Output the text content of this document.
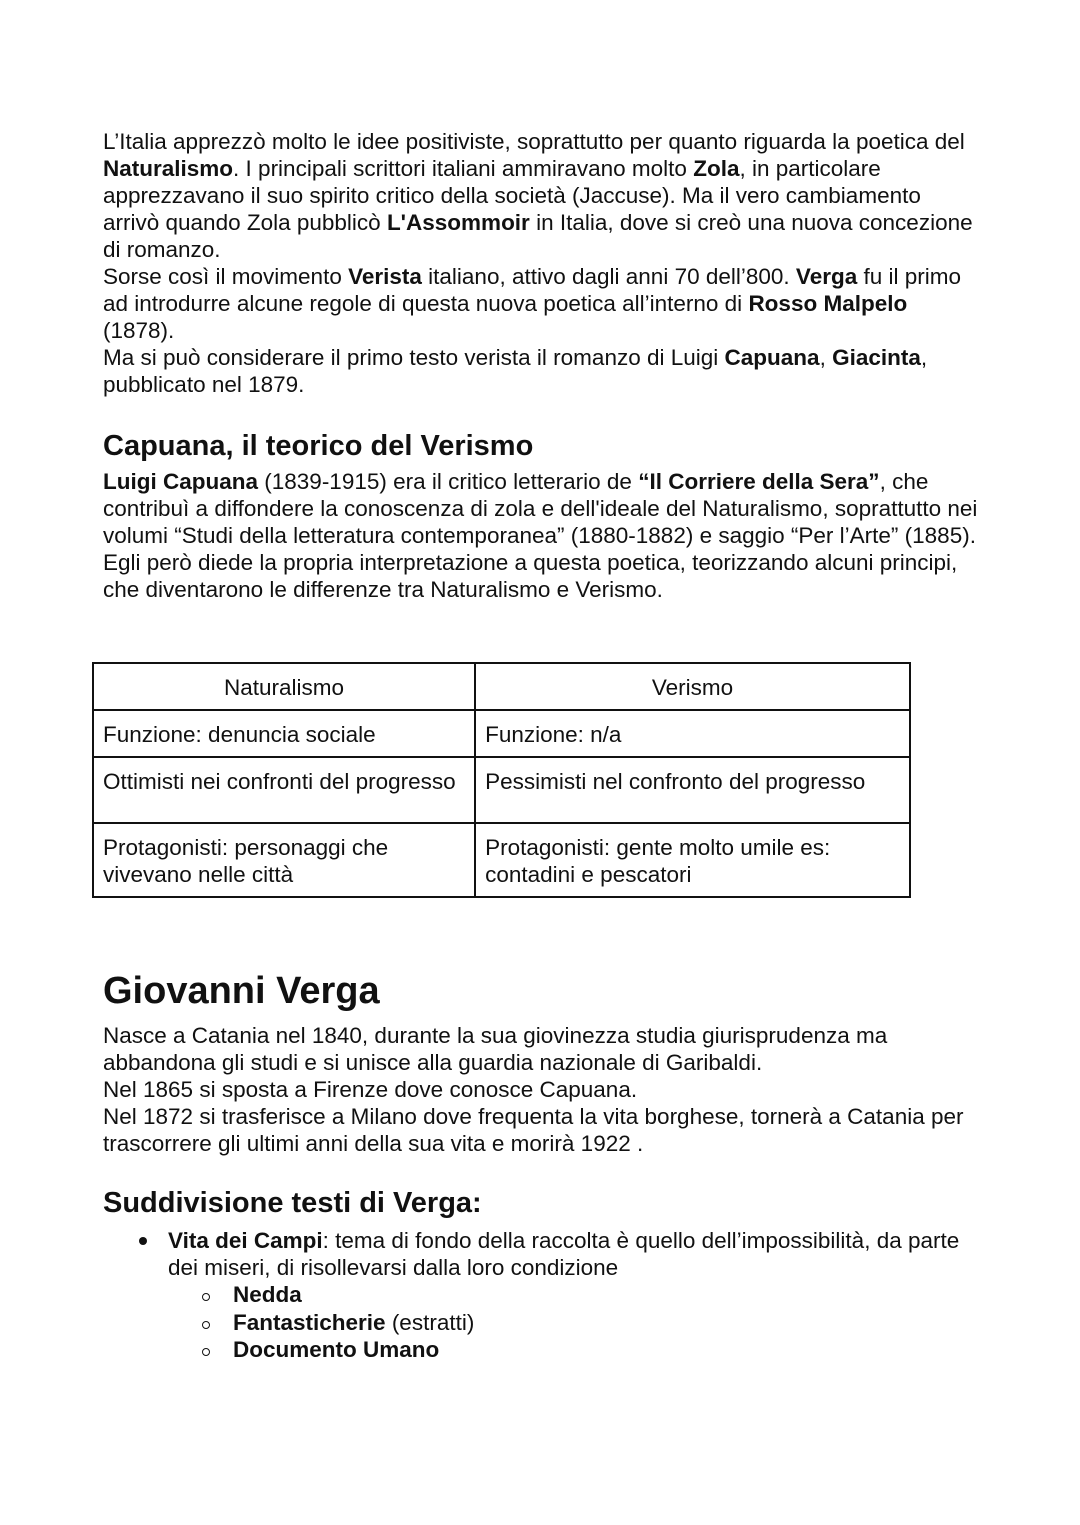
L’Italia apprezzò molto le idee positiviste, soprattutto per quanto riguarda la poetica del Naturalismo. I principali scrittori italiani ammiravano molto Zola, in particolare apprezzavano il suo spirito critico della società (Jaccuse). Ma il vero cambiamento arrivò quando Zola pubblicò L'Assommoir in Italia, dove si creò una nuova concezione di romanzo.

Sorse così il movimento Verista italiano, attivo dagli anni 70 dell’800. Verga fu il primo ad introdurre alcune regole di questa nuova poetica all’interno di Rosso Malpelo (1878).

Ma si può considerare il primo testo verista il romanzo di Luigi Capuana, Giacinta, pubblicato nel 1879.

Capuana, il teorico del Verismo

Luigi Capuana (1839-1915) era il critico letterario de “Il Corriere della Sera”, che contribuì a diffondere la conoscenza di zola e dell'ideale del Naturalismo, soprattutto nei volumi “Studi della letteratura contemporanea” (1880-1882) e saggio “Per l’Arte” (1885).

Egli però diede la propria interpretazione a questa poetica, teorizzando alcuni principi, che diventarono le differenze tra Naturalismo e Verismo.

Naturalismo	Verismo
Funzione: denuncia sociale	Funzione: n/a
Ottimisti nei confronti del progresso	Pessimisti nel confronto del progresso
Protagonisti: personaggi che vivevano nelle città	Protagonisti: gente molto umile es: contadini e pescatori
Giovanni Verga

Nasce a Catania nel 1840, durante la sua giovinezza studia giurisprudenza ma abbandona gli studi e si unisce alla guardia nazionale di Garibaldi.

Nel 1865 si sposta a Firenze dove conosce Capuana.

Nel 1872 si trasferisce a Milano dove frequenta la vita borghese, tornerà a Catania per trascorrere gli ultimi anni della sua vita e morirà 1922 .

Suddivisione testi di Verga:
Vita dei Campi: tema di fondo della raccolta è quello dell’impossibilità, da parte dei miseri, di risollevarsi dalla loro condizione
Nedda
Fantasticherie (estratti)
Documento Umano
